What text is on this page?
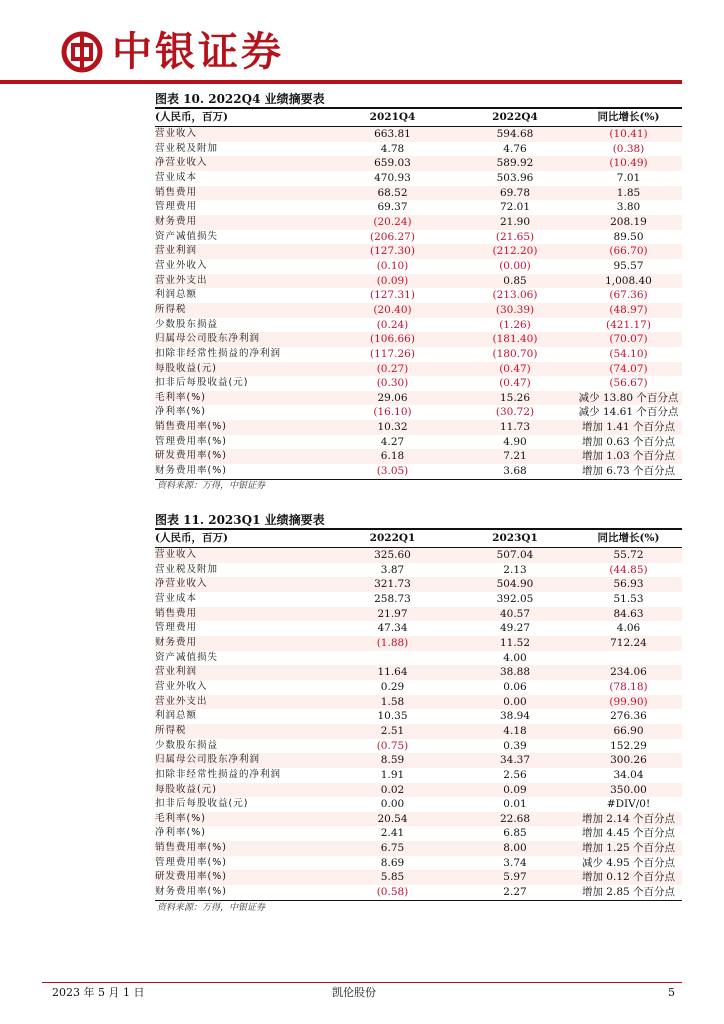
中银证券
图表 10. 2022Q4 业绩摘要表
(人民币，百万)	2021Q4	2022Q4	同比增长(%)
营业收入	663.81	594.68	(10.41)
营业税及附加	4.78	4.76	(0.38)
净营业收入	659.03	589.92	(10.49)
营业成本	470.93	503.96	7.01
销售费用	68.52	69.78	1.85
管理费用	69.37	72.01	3.80
财务费用	(20.24)	21.90	208.19
资产减值损失	(206.27)	(21.65)	89.50
营业利润	(127.30)	(212.20)	(66.70)
营业外收入	(0.10)	(0.00)	95.57
营业外支出	(0.09)	0.85	1,008.40
利润总额	(127.31)	(213.06)	(67.36)
所得税	(20.40)	(30.39)	(48.97)
少数股东损益	(0.24)	(1.26)	(421.17)
归属母公司股东净利润	(106.66)	(181.40)	(70.07)
扣除非经常性损益的净利润	(117.26)	(180.70)	(54.10)
每股收益(元)	(0.27)	(0.47)	(74.07)
扣非后每股收益(元)	(0.30)	(0.47)	(56.67)
毛利率(%)	29.06	15.26	减少 13.80 个百分点
净利率(%)	(16.10)	(30.72)	减少 14.61 个百分点
销售费用率(%)	10.32	11.73	增加 1.41 个百分点
管理费用率(%)	4.27	4.90	增加 0.63 个百分点
研发费用率(%)	6.18	7.21	增加 1.03 个百分点
财务费用率(%)	(3.05)	3.68	增加 6.73 个百分点
资料来源：万得，中银证券
图表 11. 2023Q1 业绩摘要表
(人民币，百万)	2022Q1	2023Q1	同比增长(%)
营业收入	325.60	507.04	55.72
营业税及附加	3.87	2.13	(44.85)
净营业收入	321.73	504.90	56.93
营业成本	258.73	392.05	51.53
销售费用	21.97	40.57	84.63
管理费用	47.34	49.27	4.06
财务费用	(1.88)	11.52	712.24
资产减值损失		4.00	
营业利润	11.64	38.88	234.06
营业外收入	0.29	0.06	(78.18)
营业外支出	1.58	0.00	(99.90)
利润总额	10.35	38.94	276.36
所得税	2.51	4.18	66.90
少数股东损益	(0.75)	0.39	152.29
归属母公司股东净利润	8.59	34.37	300.26
扣除非经常性损益的净利润	1.91	2.56	34.04
每股收益(元)	0.02	0.09	350.00
扣非后每股收益(元)	0.00	0.01	#DIV/0!
毛利率(%)	20.54	22.68	增加 2.14 个百分点
净利率(%)	2.41	6.85	增加 4.45 个百分点
销售费用率(%)	6.75	8.00	增加 1.25 个百分点
管理费用率(%)	8.69	3.74	减少 4.95 个百分点
研发费用率(%)	5.85	5.97	增加 0.12 个百分点
财务费用率(%)	(0.58)	2.27	增加 2.85 个百分点
资料来源：万得，中银证券
2023 年 5 月 1 日	凯伦股份	5
